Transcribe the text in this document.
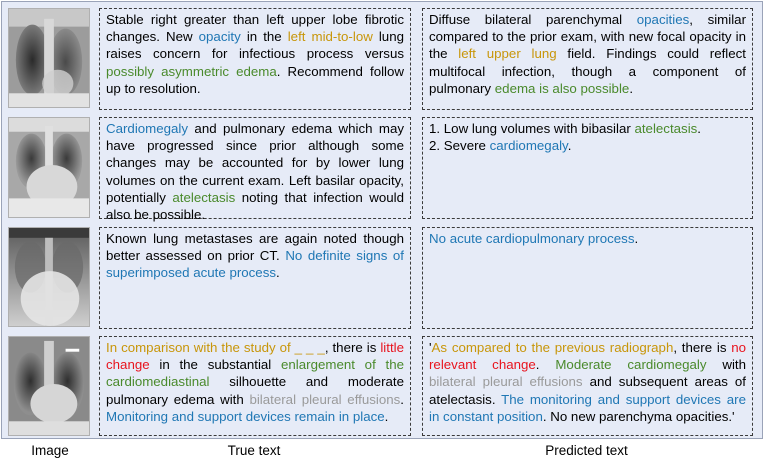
Stable right greater than left upper lobe fibrotic changes. New opacity in the left mid-to-low lung raises concern for infectious process versus possibly asymmetric edema. Recommend follow up to resolution.
Diffuse bilateral parenchymal opacities, similar compared to the prior exam, with new focal opacity in the left upper lung field. Findings could reflect multifocal infection, though a component of pulmonary edema is also possible.
Cardiomegaly and pulmonary edema which may have progressed since prior although some changes may be accounted for by lower lung volumes on the current exam. Left basilar opacity, potentially atelectasis noting that infection would also be possible.
1. Low lung volumes with bibasilar atelectasis.
2. Severe cardiomegaly.
Known lung metastases are again noted though better assessed on prior CT. No definite signs of superimposed acute process.
No acute cardiopulmonary process.
In comparison with the study of _ _ _, there is little change in the substantial enlargement of the cardiomediastinal silhouette and moderate pulmonary edema with bilateral pleural effusions. Monitoring and support devices remain in place.
'As compared to the previous radiograph, there is no relevant change. Moderate cardiomegaly with bilateral pleural effusions and subsequent areas of atelectasis. The monitoring and support devices are in constant position. No new parenchyma opacities.'
Image	True text	Predicted text
